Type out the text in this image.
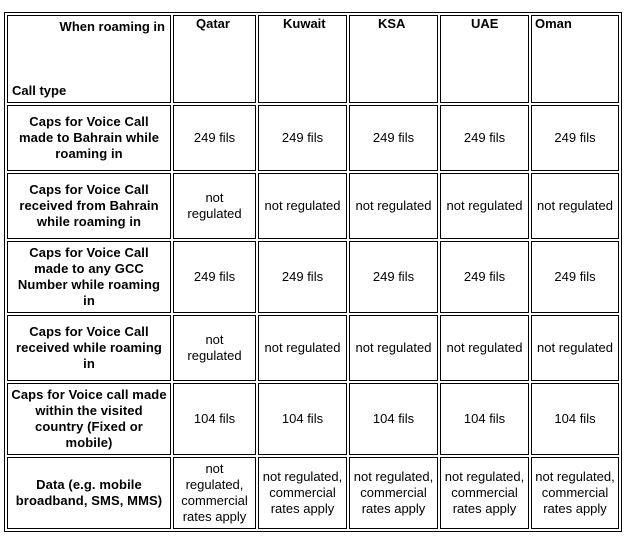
When roaming in
Call type	Qatar	Kuwait	KSA	UAE	Oman
Caps for Voice Call made to Bahrain while roaming in	249 fils	249 fils	249 fils	249 fils	249 fils
Caps for Voice Call received from Bahrain while roaming in	not regulated	not regulated	not regulated	not regulated	not regulated
Caps for Voice Call made to any GCC Number while roaming in	249 fils	249 fils	249 fils	249 fils	249 fils
Caps for Voice Call received while roaming in	not regulated	not regulated	not regulated	not regulated	not regulated
Caps for Voice call made within the visited country (Fixed or mobile)	104 fils	104 fils	104 fils	104 fils	104 fils
Data (e.g. mobile broadband, SMS, MMS)	not regulated, commercial rates apply	not regulated, commercial rates apply	not regulated, commercial rates apply	not regulated, commercial rates apply	not regulated, commercial rates apply
